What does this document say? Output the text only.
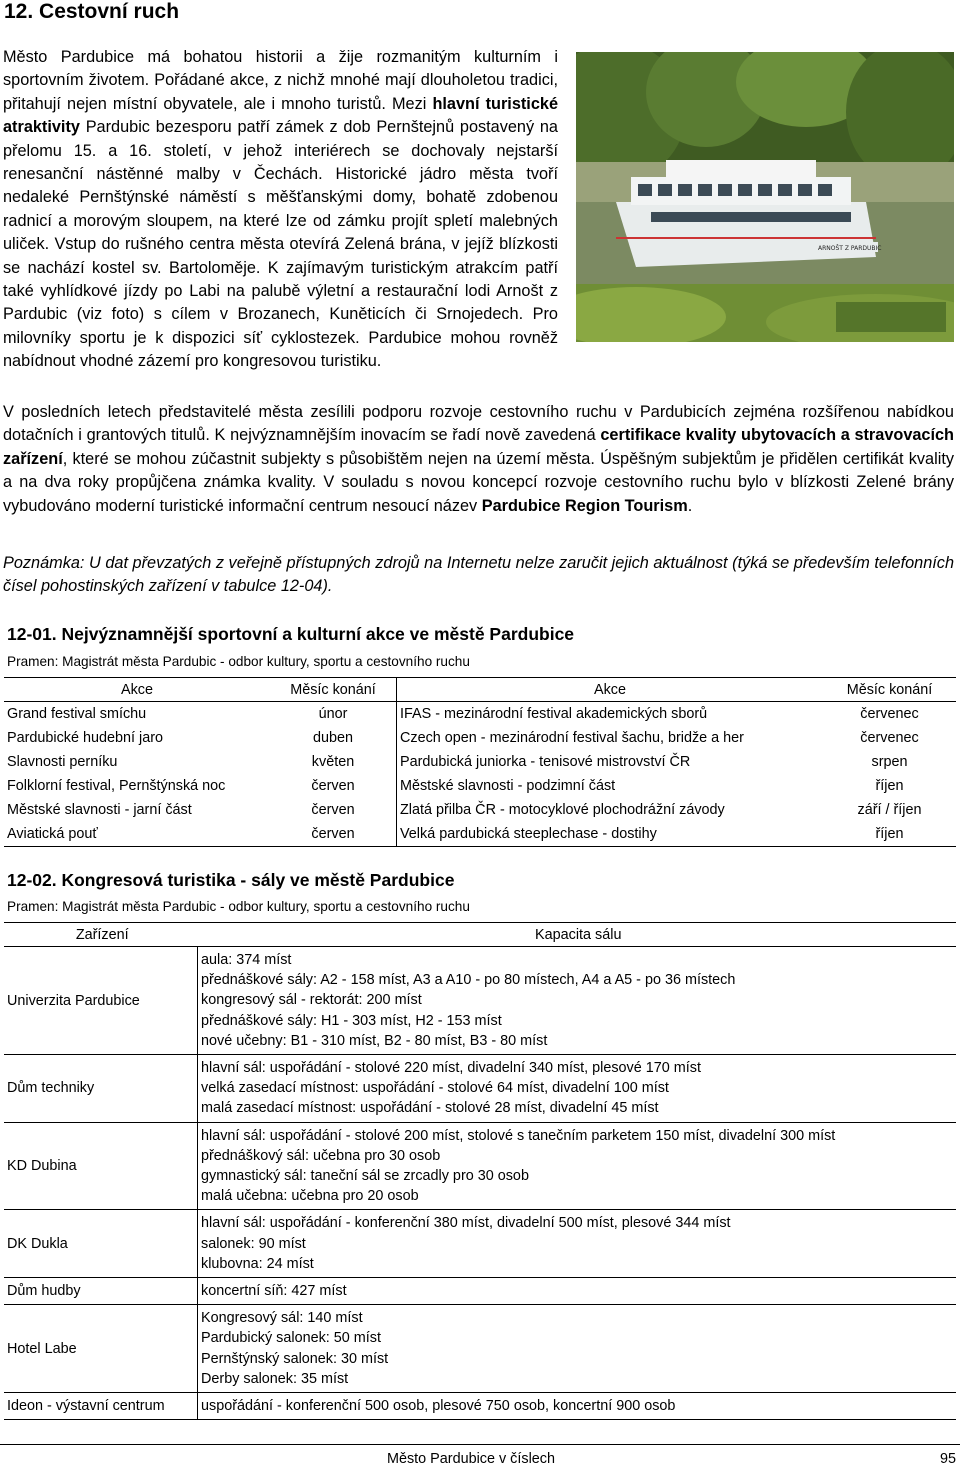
12. Cestovní ruch
ARNOŠT Z PARDUBIC
Město Pardubice má bohatou historii a žije rozmanitým kulturním i sportovním životem. Pořádané akce, z nichž mnohé mají dlouholetou tradici, přitahují nejen místní obyvatele, ale i mnoho turistů. Mezi hlavní turistické atraktivity Pardubic bezesporu patří zámek z dob Pernštejnů postavený na přelomu 15. a 16. století, v jehož interiérech se dochovaly nejstarší renesanční nástěnné malby v Čechách. Historické jádro města tvoří nedaleké Pernštýnské náměstí s měšťanskými domy, bohatě zdobenou radnicí a morovým sloupem, na které lze od zámku projít spletí malebných uliček. Vstup do rušného centra města otevírá Zelená brána, v jejíž blízkosti se nachází kostel sv. Bartoloměje. K zajímavým turistickým atrakcím patří také vyhlídkové jízdy po Labi na palubě výletní a restaurační lodi Arnošt z Pardubic (viz foto) s cílem v Brozanech, Kuněticích či Srnojedech. Pro milovníky sportu je k dispozici síť cyklostezek. Pardubice mohou rovněž nabídnout vhodné zázemí pro kongresovou turistiku.

V posledních letech představitelé města zesílili podporu rozvoje cestovního ruchu v Pardubicích zejména rozšířenou nabídkou dotačních i grantových titulů. K nejvýznamnějším inovacím se řadí nově zavedená certifikace kvality ubytovacích a stravovacích zařízení, které se mohou zúčastnit subjekty s působištěm nejen na území města. Úspěšným subjektům je přidělen certifikát kvality a na dva roky propůjčena známka kvality. V souladu s novou koncepcí rozvoje cestovního ruchu bylo v blízkosti Zelené brány vybudováno moderní turistické informační centrum nesoucí název Pardubice Region Tourism.

Poznámka: U dat převzatých z veřejně přístupných zdrojů na Internetu nelze zaručit jejich aktuálnost (týká se především telefonních čísel pohostinských zařízení v tabulce 12-04).

12-01. Nejvýznamnější sportovní a kulturní akce ve městě Pardubice

Pramen: Magistrát města Pardubic - odbor kultury, sportu a cestovního ruchu

Akce	Měsíc konání	Akce	Měsíc konání
Grand festival smíchu	únor	IFAS - mezinárodní festival akademických sborů	červenec
Pardubické hudební jaro	duben	Czech open - mezinárodní festival šachu, bridže a her	červenec
Slavnosti perníku	květen	Pardubická juniorka - tenisové mistrovství ČR	srpen
Folklorní festival, Pernštýnská noc	červen	Městské slavnosti - podzimní část	říjen
Městské slavnosti - jarní část	červen	Zlatá přilba ČR - motocyklové plochodrážní závody	září / říjen
Aviatická pouť	červen	Velká pardubická steeplechase - dostihy	říjen

12-02. Kongresová turistika - sály ve městě Pardubice

Pramen: Magistrát města Pardubic - odbor kultury, sportu a cestovního ruchu

Zařízení	Kapacita sálu
Univerzita Pardubice	aula: 374 míst
přednáškové sály: A2 - 158 míst, A3 a A10 - po 80 místech, A4 a A5 - po 36 místech
kongresový sál - rektorát: 200 míst
přednáškové sály: H1 - 303 míst, H2 - 153 míst
nové učebny: B1 - 310 míst, B2 - 80 míst, B3 - 80 míst

Dům techniky	hlavní sál: uspořádání - stolové 220 míst, divadelní 340 míst, plesové 170 míst
velká zasedací místnost: uspořádání - stolové 64 míst, divadelní 100 míst
malá zasedací místnost: uspořádání - stolové 28 míst, divadelní 45 míst

KD Dubina	hlavní sál: uspořádání - stolové 200 míst, stolové s tanečním parketem 150 míst, divadelní 300 míst
přednáškový sál: učebna pro 30 osob
gymnastický sál: taneční sál se zrcadly pro 30 osob
malá učebna: učebna pro 20 osob

DK Dukla	hlavní sál: uspořádání - konferenční 380 míst, divadelní 500 míst, plesové 344 míst
salonek: 90 míst
klubovna: 24 míst

Dům hudby	koncertní síň: 427 míst

Hotel Labe	Kongresový sál: 140 míst
Pardubický salonek: 50 míst
Pernštýnský salonek: 30 míst
Derby salonek: 35 míst

Ideon - výstavní centrum	uspořádání - konferenční 500 osob, plesové 750 osob, koncertní 900 osob
Město Pardubice v číslech	95
